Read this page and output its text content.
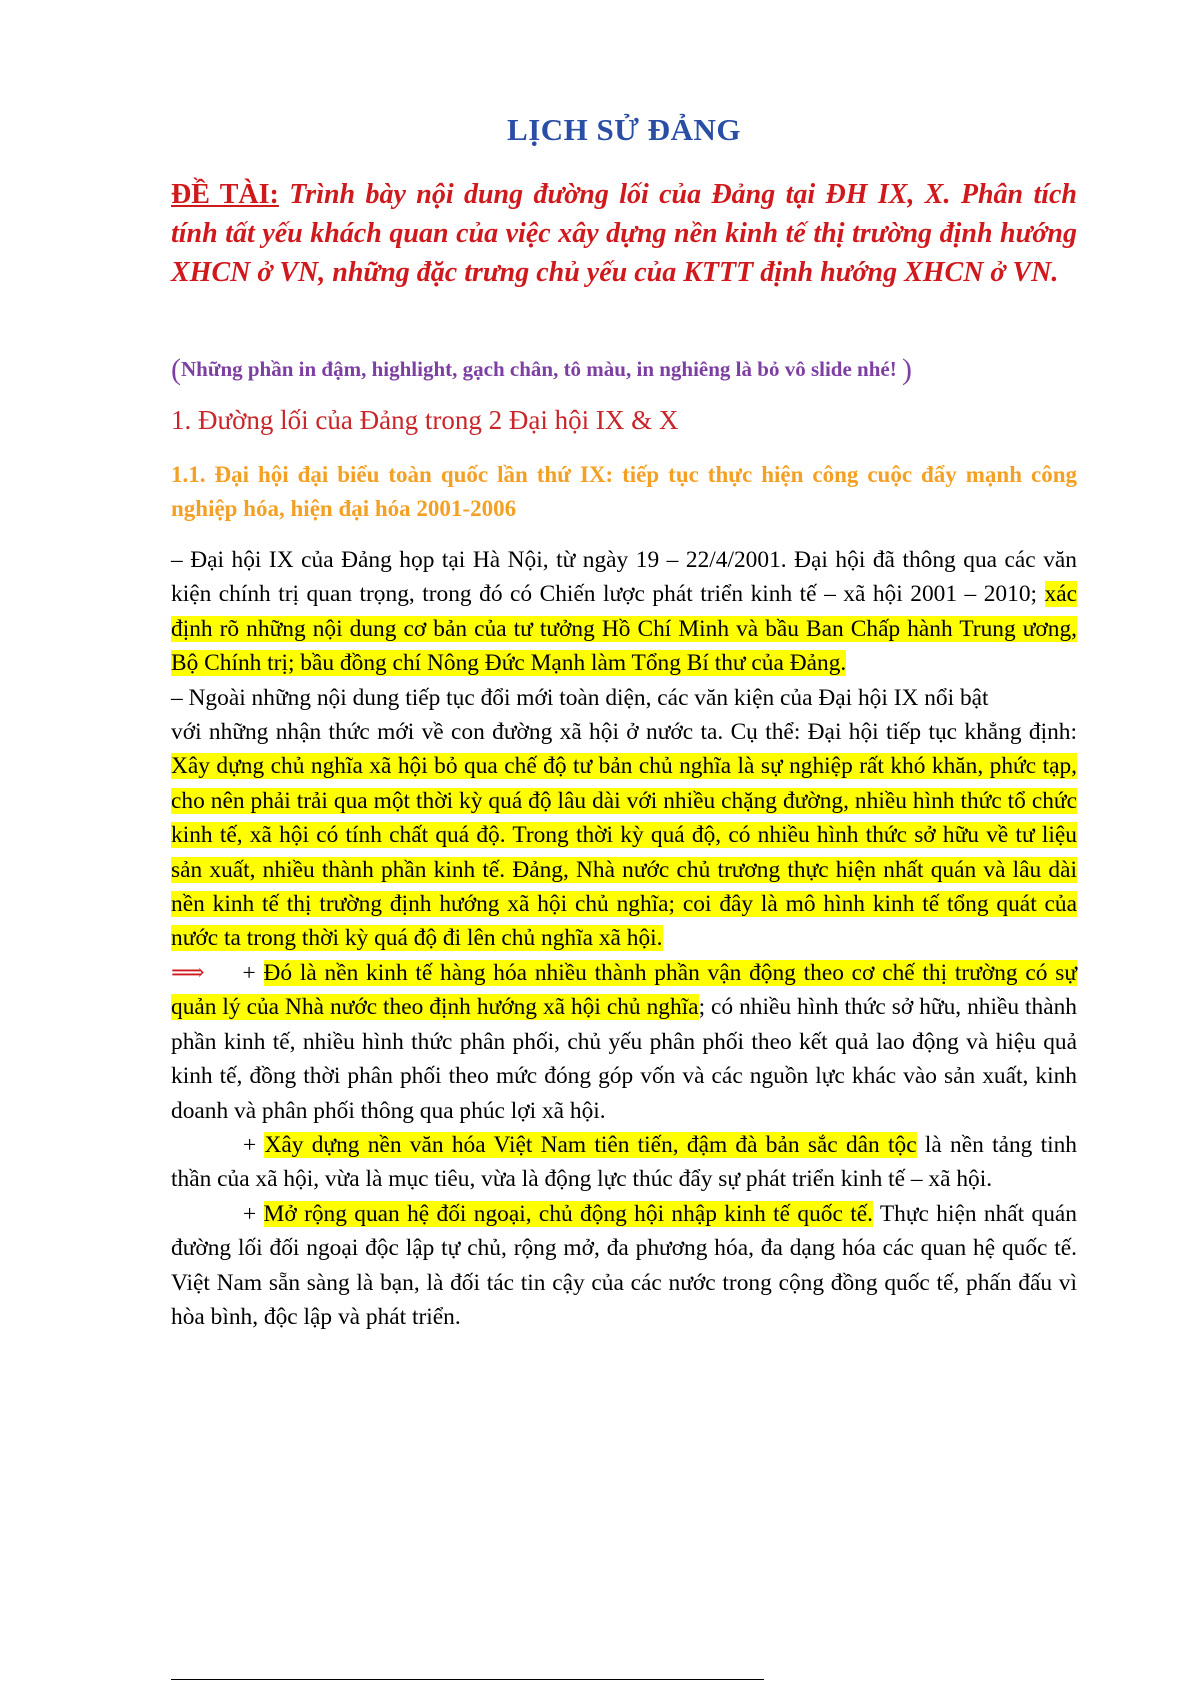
LỊCH SỬ ĐẢNG
ĐỀ TÀI: Trình bày nội dung đường lối của Đảng tại ĐH IX, X. Phân tích tính tất yếu khách quan của việc xây dựng nền kinh tế thị trường định hướng XHCN ở VN, những đặc trưng chủ yếu của KTTT định hướng XHCN ở VN.
(Những phần in đậm, highlight, gạch chân, tô màu, in nghiêng là bỏ vô slide nhé! )
1. Đường lối của Đảng trong 2 Đại hội IX & X
1.1. Đại hội đại biểu toàn quốc lần thứ IX: tiếp tục thực hiện công cuộc đẩy mạnh công nghiệp hóa, hiện đại hóa 2001-2006

– Đại hội IX của Đảng họp tại Hà Nội, từ ngày 19 – 22/4/2001. Đại hội đã thông qua các văn kiện chính trị quan trọng, trong đó có Chiến lược phát triển kinh tế – xã hội 2001 – 2010; xác định rõ những nội dung cơ bản của tư tưởng Hồ Chí Minh và bầu Ban Chấp hành Trung ương, Bộ Chính trị; bầu đồng chí Nông Đức Mạnh làm Tổng Bí thư của Đảng.

– Ngoài những nội dung tiếp tục đổi mới toàn diện, các văn kiện của Đại hội IX nổi bật

với những nhận thức mới về con đường xã hội ở nước ta. Cụ thể: Đại hội tiếp tục khẳng định: Xây dựng chủ nghĩa xã hội bỏ qua chế độ tư bản chủ nghĩa là sự nghiệp rất khó khăn, phức tạp, cho nên phải trải qua một thời kỳ quá độ lâu dài với nhiều chặng đường, nhiều hình thức tổ chức kinh tế, xã hội có tính chất quá độ. Trong thời kỳ quá độ, có nhiều hình thức sở hữu về tư liệu sản xuất, nhiều thành phần kinh tế. Đảng, Nhà nước chủ trương thực hiện nhất quán và lâu dài nền kinh tế thị trường định hướng xã hội chủ nghĩa; coi đây là mô hình kinh tế tổng quát của nước ta trong thời kỳ quá độ đi lên chủ nghĩa xã hội.

⟹ + Đó là nền kinh tế hàng hóa nhiều thành phần vận động theo cơ chế thị trường có sự quản lý của Nhà nước theo định hướng xã hội chủ nghĩa; có nhiều hình thức sở hữu, nhiều thành phần kinh tế, nhiều hình thức phân phối, chủ yếu phân phối theo kết quả lao động và hiệu quả kinh tế, đồng thời phân phối theo mức đóng góp vốn và các nguồn lực khác vào sản xuất, kinh doanh và phân phối thông qua phúc lợi xã hội.

+ Xây dựng nền văn hóa Việt Nam tiên tiến, đậm đà bản sắc dân tộc là nền tảng tinh thần của xã hội, vừa là mục tiêu, vừa là động lực thúc đẩy sự phát triển kinh tế – xã hội.

+ Mở rộng quan hệ đối ngoại, chủ động hội nhập kinh tế quốc tế. Thực hiện nhất quán đường lối đối ngoại độc lập tự chủ, rộng mở, đa phương hóa, đa dạng hóa các quan hệ quốc tế. Việt Nam sẵn sàng là bạn, là đối tác tin cậy của các nước trong cộng đồng quốc tế, phấn đấu vì hòa bình, độc lập và phát triển.
